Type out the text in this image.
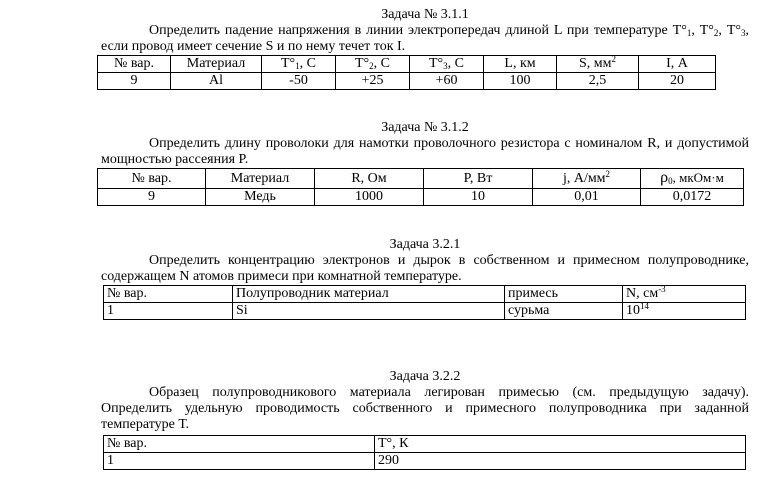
Задача № 3.1.1
Определить падение напряжения в линии электропередач длиной L при температуре $Т^\circ_1$, $Т^\circ_2$, $Т^\circ_3$, если провод имеет сечение S и по нему течет ток I.
№ вар.	Материал	$Т^\circ_1$, С	$Т^\circ_2$, С	$Т^\circ_3$, С	L, км	S, $мм^2$	I, А
9	Al	-50	+25	+60	100	2,5	20
Задача № 3.1.2
Определить длину проволоки для намотки проволочного резистора с номиналом R, и допустимой мощностью рассеяния P.
№ вар.	Материал	R, Ом	P, Вт	j, $А/мм^2$	$\rho_0$, мкОм·м
9	Медь	1000	10	0,01	0,0172
Задача 3.2.1
Определить концентрацию электронов и дырок в собственном и примесном полупроводнике, содержащем N атомов примеси при комнатной температуре.
№ вар.	Полупроводник материал	примесь	N, $см^{-3}$
1	Si	сурьма	$10^{14}$
Задача 3.2.2
Образец полупроводникового материала легирован примесью (см. предыдущую задачу). Определить удельную проводимость собственного и примесного полупроводника при заданной температуре Т.
№ вар.	Т°, К
1	290
